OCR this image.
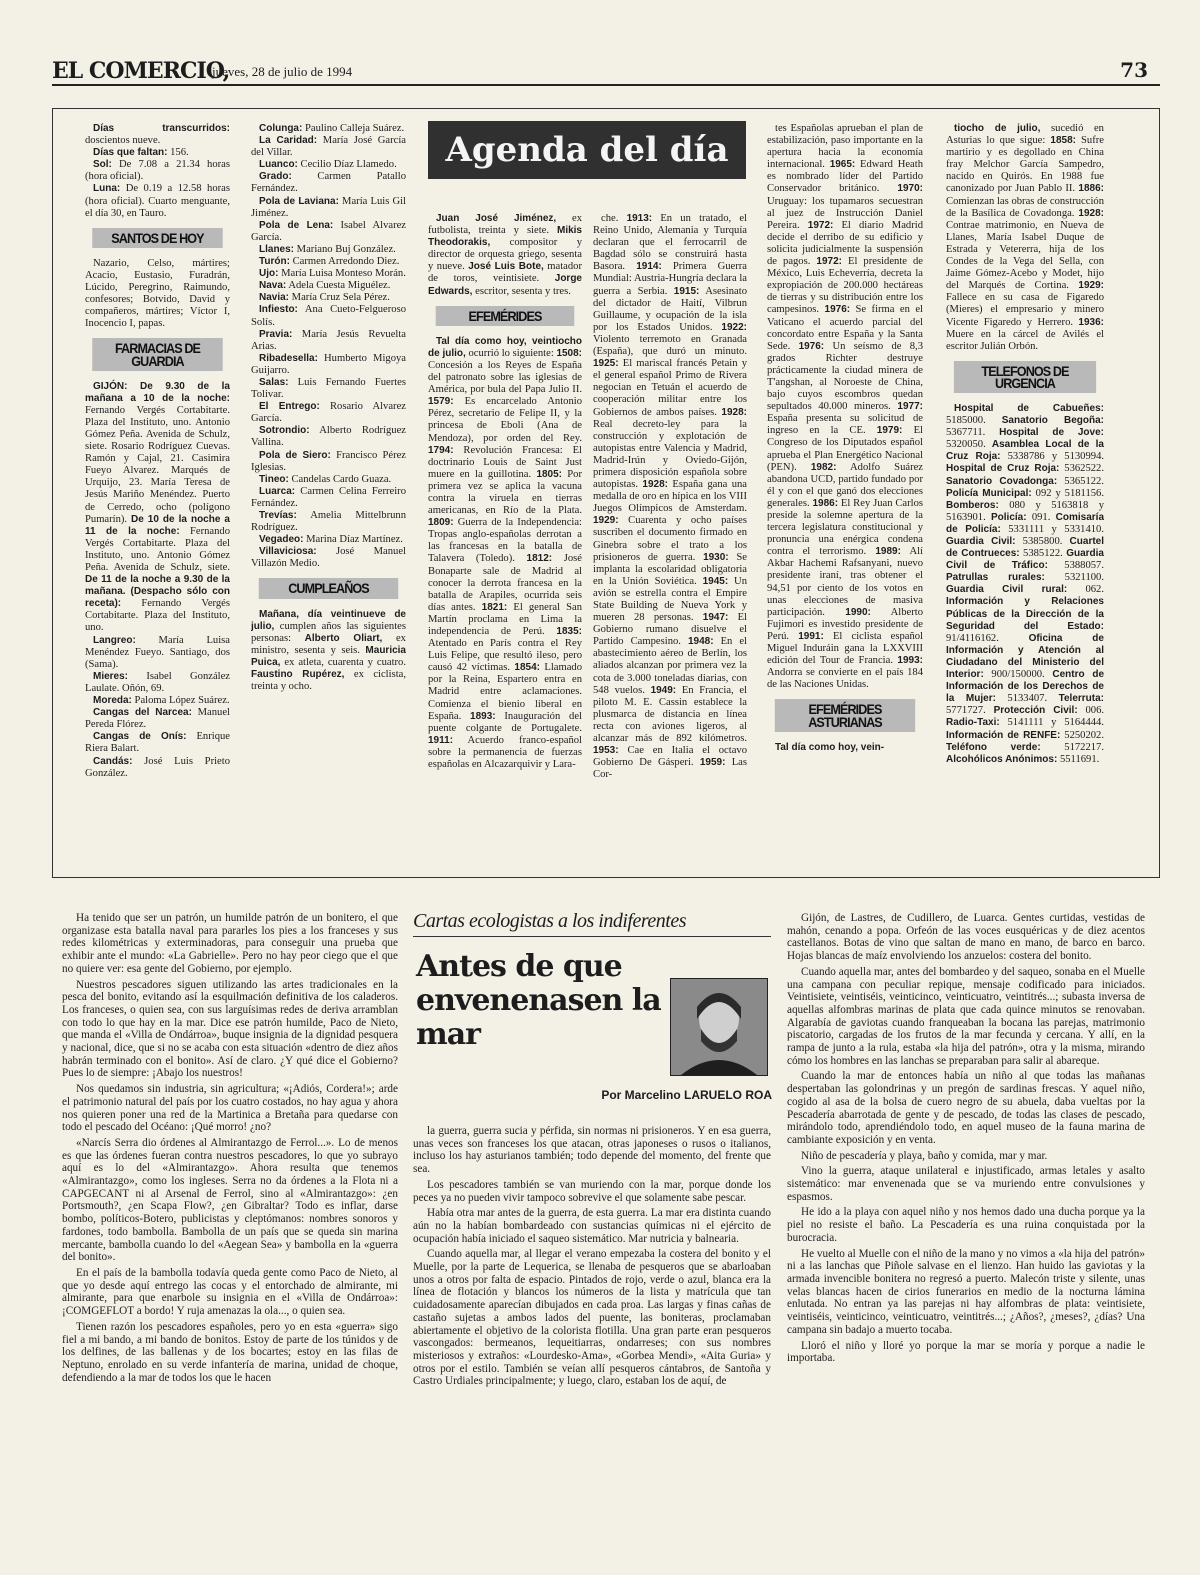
EL COMERCIO,
jueves, 28 de julio de 1994	73
Agenda del día

Días transcurridos: doscientos nueve.

Días que faltan: 156.

Sol: De 7.08 a 21.34 horas (hora oficial).

Luna: De 0.19 a 12.58 horas (hora oficial). Cuarto menguante, el día 30, en Tauro.

SANTOS DE HOY

Nazario, Celso, mártires; Acacio, Eustasio, Furadrán, Lúcido, Peregrino, Raimundo, confesores; Botvido, David y compañeros, mártires; Víctor I, Inocencio I, papas.

FARMACIAS DE GUARDIA

GIJÓN: De 9.30 de la mañana a 10 de la noche: Fernando Vergés Cortabitarte. Plaza del Instituto, uno. Antonio Gómez Peña. Avenida de Schulz, siete. Rosario Rodríguez Cuevas. Ramón y Cajal, 21. Casimira Fueyo Alvarez. Marqués de Urquijo, 23. María Teresa de Jesús Mariño Menéndez. Puerto de Cerredo, ocho (polígono Pumarín). De 10 de la noche a 11 de la noche: Fernando Vergés Cortabitarte. Plaza del Instituto, uno. Antonio Gómez Peña. Avenida de Schulz, siete. De 11 de la noche a 9.30 de la mañana. (Despacho sólo con receta): Fernando Vergés Cortabitarte. Plaza del Instituto, uno.

Langreo: María Luisa Menéndez Fueyo. Santiago, dos (Sama).

Mieres: Isabel González Laulate. Oñón, 69.

Moreda: Paloma López Suárez.

Cangas del Narcea: Manuel Pereda Flórez.

Cangas de Onís: Enrique Riera Balart.

Candás: José Luis Prieto González.

Colunga: Paulino Calleja Suárez.

La Caridad: María José García del Villar.

Luanco: Cecilio Díaz Llamedo.

Grado: Carmen Patallo Fernández.

Pola de Laviana: María Luis Gil Jiménez.

Pola de Lena: Isabel Alvarez García.

Llanes: Mariano Buj González.

Turón: Carmen Arredondo Diez.

Ujo: María Luisa Monteso Morán.

Nava: Adela Cuesta Miguélez.

Navia: María Cruz Sela Pérez.

Infiesto: Ana Cueto-Felgueroso Solís.

Pravia: María Jesús Revuelta Arias.

Ribadesella: Humberto Migoya Guijarro.

Salas: Luis Fernando Fuertes Tolivar.

El Entrego: Rosario Alvarez García.

Sotrondio: Alberto Rodríguez Vallina.

Pola de Siero: Francisco Pérez Iglesias.

Tineo: Candelas Cardo Guaza.

Luarca: Carmen Celina Ferreiro Fernández.

Trevías: Amelia Mittelbrunn Rodríguez.

Vegadeo: Marina Díaz Martínez.

Villaviciosa: José Manuel Villazón Medio.

CUMPLEAÑOS

Mañana, día veintinueve de julio, cumplen años las siguientes personas: Alberto Oliart, ex ministro, sesenta y seis. Mauricia Puica, ex atleta, cuarenta y cuatro. Faustino Rupérez, ex ciclista, treinta y ocho.

Juan José Jiménez, ex futbolista, treinta y siete. Mikis Theodorakis, compositor y director de orquesta griego, sesenta y nueve. José Luis Bote, matador de toros, veintisiete. Jorge Edwards, escritor, sesenta y tres.

EFEMÉRIDES

Tal día como hoy, veintiocho de julio, ocurrió lo siguiente: 1508: Concesión a los Reyes de España del patronato sobre las iglesias de América, por bula del Papa Julio II. 1579: Es encarcelado Antonio Pérez, secretario de Felipe II, y la princesa de Eboli (Ana de Mendoza), por orden del Rey. 1794: Revolución Francesa: El doctrinario Louis de Saint Just muere en la guillotina. 1805: Por primera vez se aplica la vacuna contra la viruela en tierras americanas, en Río de la Plata. 1809: Guerra de la Independencia: Tropas anglo-españolas derrotan a las francesas en la batalla de Talavera (Toledo). 1812: José Bonaparte sale de Madrid al conocer la derrota francesa en la batalla de Arapiles, ocurrida seis días antes. 1821: El general San Martín proclama en Lima la independencia de Perú. 1835: Atentado en París contra el Rey Luis Felipe, que resultó ileso, pero causó 42 víctimas. 1854: Llamado por la Reina, Espartero entra en Madrid entre aclamaciones. Comienza el bienio liberal en España. 1893: Inauguración del puente colgante de Portugalete. 1911: Acuerdo franco-español sobre la permanencia de fuerzas españolas en Alcazarquivir y Lara-

che. 1913: En un tratado, el Reino Unido, Alemania y Turquía declaran que el ferrocarril de Bagdad sólo se construirá hasta Basora. 1914: Primera Guerra Mundial: Austria-Hungría declara la guerra a Serbia. 1915: Asesinato del dictador de Haití, Vilbrun Guillaume, y ocupación de la isla por los Estados Unidos. 1922: Violento terremoto en Granada (España), que duró un minuto. 1925: El mariscal francés Petain y el general español Primo de Rivera negocian en Tetuán el acuerdo de cooperación militar entre los Gobiernos de ambos países. 1928: Real decreto-ley para la construcción y explotación de autopistas entre Valencia y Madrid, Madrid-Irún y Oviedo-Gijón, primera disposición española sobre autopistas. 1928: España gana una medalla de oro en hípica en los VIII Juegos Olímpicos de Amsterdam. 1929: Cuarenta y ocho países suscriben el documento firmado en Ginebra sobre el trato a los prisioneros de guerra. 1930: Se implanta la escolaridad obligatoria en la Unión Soviética. 1945: Un avión se estrella contra el Empire State Building de Nueva York y mueren 28 personas. 1947: El Gobierno rumano disuelve el Partido Campesino. 1948: En el abastecimiento aéreo de Berlín, los aliados alcanzan por primera vez la cota de 3.000 toneladas diarias, con 548 vuelos. 1949: En Francia, el piloto M. E. Cassin establece la plusmarca de distancia en línea recta con aviones ligeros, al alcanzar más de 892 kilómetros. 1953: Cae en Italia el octavo Gobierno De Gásperi. 1959: Las Cor-

tes Españolas aprueban el plan de estabilización, paso importante en la apertura hacia la economía internacional. 1965: Edward Heath es nombrado líder del Partido Conservador británico. 1970: Uruguay: los tupamaros secuestran al juez de Instrucción Daniel Pereira. 1972: El diario Madrid decide el derribo de su edificio y solicita judicialmente la suspensión de pagos. 1972: El presidente de México, Luis Echeverría, decreta la expropiación de 200.000 hectáreas de tierras y su distribución entre los campesinos. 1976: Se firma en el Vaticano el acuerdo parcial del concordato entre España y la Santa Sede. 1976: Un seísmo de 8,3 grados Richter destruye prácticamente la ciudad minera de T'angshan, al Noroeste de China, bajo cuyos escombros quedan sepultados 40.000 mineros. 1977: España presenta su solicitud de ingreso en la CE. 1979: El Congreso de los Diputados español aprueba el Plan Energético Nacional (PEN). 1982: Adolfo Suárez abandona UCD, partido fundado por él y con el que ganó dos elecciones generales. 1986: El Rey Juan Carlos preside la solemne apertura de la tercera legislatura constitucional y pronuncia una enérgica condena contra el terrorismo. 1989: Alí Akbar Hachemi Rafsanyani, nuevo presidente iraní, tras obtener el 94,51 por ciento de los votos en unas elecciones de masiva participación. 1990: Alberto Fujimori es investido presidente de Perú. 1991: El ciclista español Miguel Induráin gana la LXXVIII edición del Tour de Francia. 1993: Andorra se convierte en el país 184 de las Naciones Unidas.

EFEMÉRIDES ASTURIANAS

Tal día como hoy, vein-

tiocho de julio, sucedió en Asturias lo que sigue: 1858: Sufre martirio y es degollado en China fray Melchor García Sampedro, nacido en Quirós. En 1988 fue canonizado por Juan Pablo II. 1886: Comienzan las obras de construcción de la Basílica de Covadonga. 1928: Contrae matrimonio, en Nueva de Llanes, María Isabel Duque de Estrada y Vetererra, hija de los Condes de la Vega del Sella, con Jaime Gómez-Acebo y Modet, hijo del Marqués de Cortina. 1929: Fallece en su casa de Figaredo (Mieres) el empresario y minero Vicente Figaredo y Herrero. 1936: Muere en la cárcel de Avilés el escritor Julián Orbón.

TELEFONOS DE URGENCIA

Hospital de Cabueñes: 5185000. Sanatorio Begoña: 5367711. Hospital de Jove: 5320050. Asamblea Local de la Cruz Roja: 5338786 y 5130994. Hospital de Cruz Roja: 5362522. Sanatorio Covadonga: 5365122. Policía Municipal: 092 y 5181156. Bomberos: 080 y 5163818 y 5163901. Policía: 091. Comisaría de Policía: 5331111 y 5331410. Guardia Civil: 5385800. Cuartel de Contrueces: 5385122. Guardia Civil de Tráfico: 5388057. Patrullas rurales: 5321100. Guardia Civil rural: 062. Información y Relaciones Públicas de la Dirección de la Seguridad del Estado: 91/4116162. Oficina de Información y Atención al Ciudadano del Ministerio del Interior: 900/150000. Centro de Información de los Derechos de la Mujer: 5133407. Telerruta: 5771727. Protección Civil: 006. Radio-Taxi: 5141111 y 5164444. Información de RENFE: 5250202. Teléfono verde: 5172217. Alcohólicos Anónimos: 5511691.

Ha tenido que ser un patrón, un humilde patrón de un bonitero, el que organizase esta batalla naval para pararles los pies a los franceses y sus redes kilométricas y exterminadoras, para conseguir una prueba que exhibir ante el mundo: «La Gabrielle». Pero no hay peor ciego que el que no quiere ver: esa gente del Gobierno, por ejemplo.

Nuestros pescadores siguen utilizando las artes tradicionales en la pesca del bonito, evitando así la esquilmación definitiva de los caladeros. Los franceses, o quien sea, con sus larguísimas redes de deriva arramblan con todo lo que hay en la mar. Dice ese patrón humilde, Paco de Nieto, que manda el «Villa de Ondárroa», buque insignia de la dignidad pesquera y nacional, dice, que si no se acaba con esta situación «dentro de diez años habrán terminado con el bonito». Así de claro. ¿Y qué dice el Gobierno? Pues lo de siempre: ¡Abajo los nuestros!

Nos quedamos sin industria, sin agricultura; «¡Adiós, Cordera!»; arde el patrimonio natural del país por los cuatro costados, no hay agua y ahora nos quieren poner una red de la Martinica a Bretaña para quedarse con todo el pescado del Océano: ¡Qué morro! ¿no?

«Narcís Serra dio órdenes al Almirantazgo de Ferrol...». Lo de menos es que las órdenes fueran contra nuestros pescadores, lo que yo subrayo aquí es lo del «Almirantazgo». Ahora resulta que tenemos «Almirantazgo», como los ingleses. Serra no da órdenes a la Flota ni a CAPGECANT ni al Arsenal de Ferrol, sino al «Almirantazgo»: ¿en Portsmouth?, ¿en Scapa Flow?, ¿en Gibraltar? Todo es inflar, darse bombo, políticos-Botero, publicistas y cleptómanos: nombres sonoros y fardones, todo bambolla. Bambolla de un país que se queda sin marina mercante, bambolla cuando lo del «Aegean Sea» y bambolla en la «guerra del bonito».

En el país de la bambolla todavía queda gente como Paco de Nieto, al que yo desde aquí entrego las cocas y el entorchado de almirante, mi almirante, para que enarbole su insignia en el «Villa de Ondárroa»: ¡COMGEFLOT a bordo! Y ruja amenazas la ola..., o quien sea.

Tienen razón los pescadores españoles, pero yo en esta «guerra» sigo fiel a mi bando, a mi bando de bonitos. Estoy de parte de los túnidos y de los delfines, de las ballenas y de los bocartes; estoy en las filas de Neptuno, enrolado en su verde infantería de marina, unidad de choque, defendiendo a la mar de todos los que le hacen

Cartas ecologistas a los indiferentes
Antes de que envenenasen la mar
Por Marcelino LARUELO ROA

la guerra, guerra sucia y pérfida, sin normas ni prisioneros. Y en esa guerra, unas veces son franceses los que atacan, otras japoneses o rusos o italianos, incluso los hay asturianos también; todo depende del momento, del frente que sea.

Los pescadores también se van muriendo con la mar, porque donde los peces ya no pueden vivir tampoco sobrevive el que solamente sabe pescar.

Había otra mar antes de la guerra, de esta guerra. La mar era distinta cuando aún no la habían bombardeado con sustancias químicas ni el ejército de ocupación había iniciado el saqueo sistemático. Mar nutricia y balnearia.

Cuando aquella mar, al llegar el verano empezaba la costera del bonito y el Muelle, por la parte de Lequerica, se llenaba de pesqueros que se abarloaban unos a otros por falta de espacio. Pintados de rojo, verde o azul, blanca era la línea de flotación y blancos los números de la lista y matrícula que tan cuidadosamente aparecían dibujados en cada proa. Las largas y finas cañas de castaño sujetas a ambos lados del puente, las boniteras, proclamaban abiertamente el objetivo de la colorista flotilla. Una gran parte eran pesqueros vascongados: bermeanos, lequeitiarras, ondarreses; con sus nombres misteriosos y extraños: «Lourdesko-Ama», «Gorbea Mendi», «Aita Guria» y otros por el estilo. También se veían allí pesqueros cántabros, de Santoña y Castro Urdiales principalmente; y luego, claro, estaban los de aquí, de

Gijón, de Lastres, de Cudillero, de Luarca. Gentes curtidas, vestidas de mahón, cenando a popa. Orfeón de las voces eusquéricas y de diez acentos castellanos. Botas de vino que saltan de mano en mano, de barco en barco. Hojas blancas de maíz envolviendo los anzuelos: costera del bonito.

Cuando aquella mar, antes del bombardeo y del saqueo, sonaba en el Muelle una campana con peculiar repique, mensaje codificado para iniciados. Veintisiete, veintiséis, veinticinco, veinticuatro, veintitrés...; subasta inversa de aquellas alfombras marinas de plata que cada quince minutos se renovaban. Algarabía de gaviotas cuando franqueaban la bocana las parejas, matrimonio piscatorio, cargadas de los frutos de la mar fecunda y cercana. Y allí, en la rampa de junto a la rula, estaba «la hija del patrón», otra y la misma, mirando cómo los hombres en las lanchas se preparaban para salir al abareque.

Cuando la mar de entonces había un niño al que todas las mañanas despertaban las golondrinas y un pregón de sardinas frescas. Y aquel niño, cogido al asa de la bolsa de cuero negro de su abuela, daba vueltas por la Pescadería abarrotada de gente y de pescado, de todas las clases de pescado, mirándolo todo, aprendiéndolo todo, en aquel museo de la fauna marina de cambiante exposición y en venta.

Niño de pescadería y playa, baño y comida, mar y mar.

Vino la guerra, ataque unilateral e injustificado, armas letales y asalto sistemático: mar envenenada que se va muriendo entre convulsiones y espasmos.

He ido a la playa con aquel niño y nos hemos dado una ducha porque ya la piel no resiste el baño. La Pescadería es una ruina conquistada por la burocracia.

He vuelto al Muelle con el niño de la mano y no vimos a «la hija del patrón» ni a las lanchas que Piñole salvase en el lienzo. Han huido las gaviotas y la armada invencible bonitera no regresó a puerto. Malecón triste y silente, unas velas blancas hacen de cirios funerarios en medio de la nocturna lámina enlutada. No entran ya las parejas ni hay alfombras de plata: veintisiete, veintiséis, veinticinco, veinticuatro, veintitrés...; ¿Años?, ¿meses?, ¿días? Una campana sin badajo a muerto tocaba.

Lloró el niño y lloré yo porque la mar se moría y porque a nadie le importaba.
